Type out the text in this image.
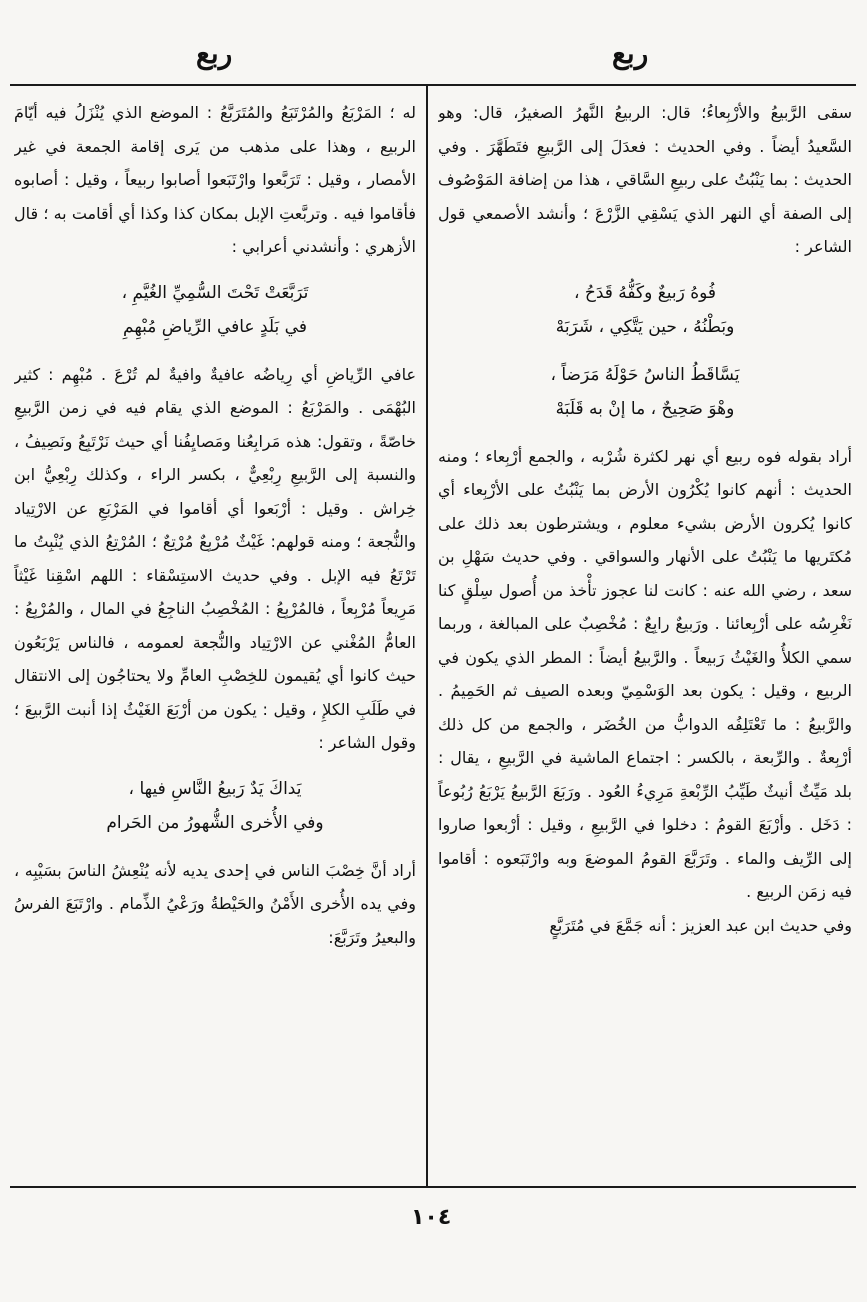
ربع
ربع

سقى الرَّبيعُ والأرْبِعاءُ؛ قال: الربيعُ النَّهرُ الصغيرُ، قال: وهو السَّعيدُ أيضاً . وفي الحديث : فعدَلَ إلى الرَّبيعِ فتَطَهَّرَ . وفي الحديث : بما يَنْبُتُ على ربيعِ السَّاقي ، هذا من إضافة المَوْصُوف إلى الصفة أي النهر الذي يَسْقِي الزَّرْعَ ؛ وأنشد الأصمعي قول الشاعر :

فُوهُ رَبيعٌ وكَفُّهُ قَدَحُ ،
وبَطْنُهُ ، حين يَتَّكِي ، شَرَبَهْ
يَسَّاقَطُ الناسُ حَوْلَهُ مَرَضاً ،
وهْوَ صَحِيحٌ ، ما إنْ به قَلَبَهْ

أراد بقوله فوه ربيع أي نهر لكثرة شُرْبه ، والجمع أرْبِعاء ؛ ومنه الحديث : أنهم كانوا يُكْرُون الأرض بما يَنْبُتُ على الأرْبِعاء أي كانوا يُكرون الأرض بشيء معلوم ، ويشترطون بعد ذلك على مُكتَريها ما يَنْبُتُ على الأنهار والسواقي . وفي حديث سَهْلِ بن سعد ، رضي الله عنه : كانت لنا عجوز تأْخذ من أُصول سِلْقٍ كنا نَغْرِسُه على أرْبِعائنا . ورَبيعٌ رابِعٌ : مُخْصِبٌ على المبالغة ، وربما سمي الكلأُ والغَيْثُ رَبيعاً . والرَّبيعُ أيضاً : المطر الذي يكون في الربيع ، وقيل : يكون بعد الوَسْمِيّ وبعده الصيف ثم الحَمِيمُ . والرَّبيعُ : ما تَعْتَلِفُه الدوابُّ من الخُضَر ، والجمع من كل ذلك أرْبِعةٌ . والرِّبعة ، بالكسر : اجتماع الماشية في الرَّبيعِ ، يقال : بلد مَيِّثٌ أنيثٌ طَيِّبُ الرِّبْعةِ مَرِيءُ العُود . ورَبَعَ الرَّبيعُ يَرْبَعُ رُبُوعاً : دَخَل . وأرْبَعَ القومُ : دخلوا في الرَّبيعِ ، وقيل : أرْبعوا صاروا إلى الرِّيف والماء . وتَرَبَّعَ القومُ الموضعَ وبه وارْتَبَعوه : أقاموا فيه زمَن الربيع .

وفي حديث ابن عبد العزيز : أنه جَمَّعَ في مُتَرَبَّعٍ

له ؛ المَرْبَعُ والمُرْتَبَعُ والمُتَرَبَّعُ : الموضع الذي يُنْزَلُ فيه أيّامَ الربيع ، وهذا على مذهب من يَرى إقامة الجمعة في غير الأمصار ، وقيل : تَرَبَّعوا وارْتَبَعوا أصابوا ربيعاً ، وقيل : أصابوه فأقاموا فيه . وتربَّعتِ الإبل بمكان كذا وكذا أي أقامت به ؛ قال الأزهري : وأنشدني أعرابي :

تَرَبَّعَتْ تَحْتَ السُّمِيِّ الغُيَّمِ ،
في بَلَدٍ عافي الرِّياضِ مُبْهِمِ

عافي الرِّياضِ أي رِياضُه عافيةٌ وافيةٌ لم تُرْعَ . مُبْهِم : كثير البُهْمَى . والمَرْبَعُ : الموضع الذي يقام فيه في زمن الرَّبيعِ خاصّةً ، وتقول: هذه مَرابِعُنا ومَصايِفُنا أي حيث نَرْتَبِعُ ونَصِيفُ ، والنسبة إلى الرَّبيعِ رِبْعِيٌّ ، بكسر الراء ، وكذلك رِبْعِيُّ ابن خِراش . وقيل : أرْبَعوا أي أقاموا في المَرْبَعِ عن الارْتِياد والنُّجعة ؛ ومنه قولهم: غَيْثٌ مُرْبِعٌ مُرْتِعٌ ؛ المُرْتِعُ الذي يُنْبِتُ ما تَرْتَعُ فيه الإبل . وفي حديث الاستِسْقاء : اللهم اسْقِنا غَيْثاً مَرِيعاً مُرْبِعاً ، فالمُرْبِعُ : المُخْصِبُ الناجِعُ في المال ، والمُرْبِعُ : العامُّ المُغْني عن الارْتِياد والنُّجعة لعمومه ، فالناس يَرْبَعُون حيث كانوا أي يُقيمون للخِصْبِ العامِّ ولا يحتاجُون إلى الانتقال في طَلَبِ الكلإِ ، وقيل : يكون من أرْبَعَ الغَيْثُ إذا أنبت الرَّبيعَ ؛ وقول الشاعر :

يَداكَ يَدٌ رَبيعُ النَّاسِ فيها ،
وفي الأُخرى الشُّهورُ من الحَرام

أراد أنَّ خِصْبَ الناس في إحدى يديه لأنه يُنْعِشُ الناسَ بسَيْبِه ، وفي يده الأُخرى الأَمْنُ والحَيْطةُ ورَعْيُ الذِّمام . وارْتَبَعَ الفرسُ والبعيرُ وتَرَبَّعَ:

١٠٤
